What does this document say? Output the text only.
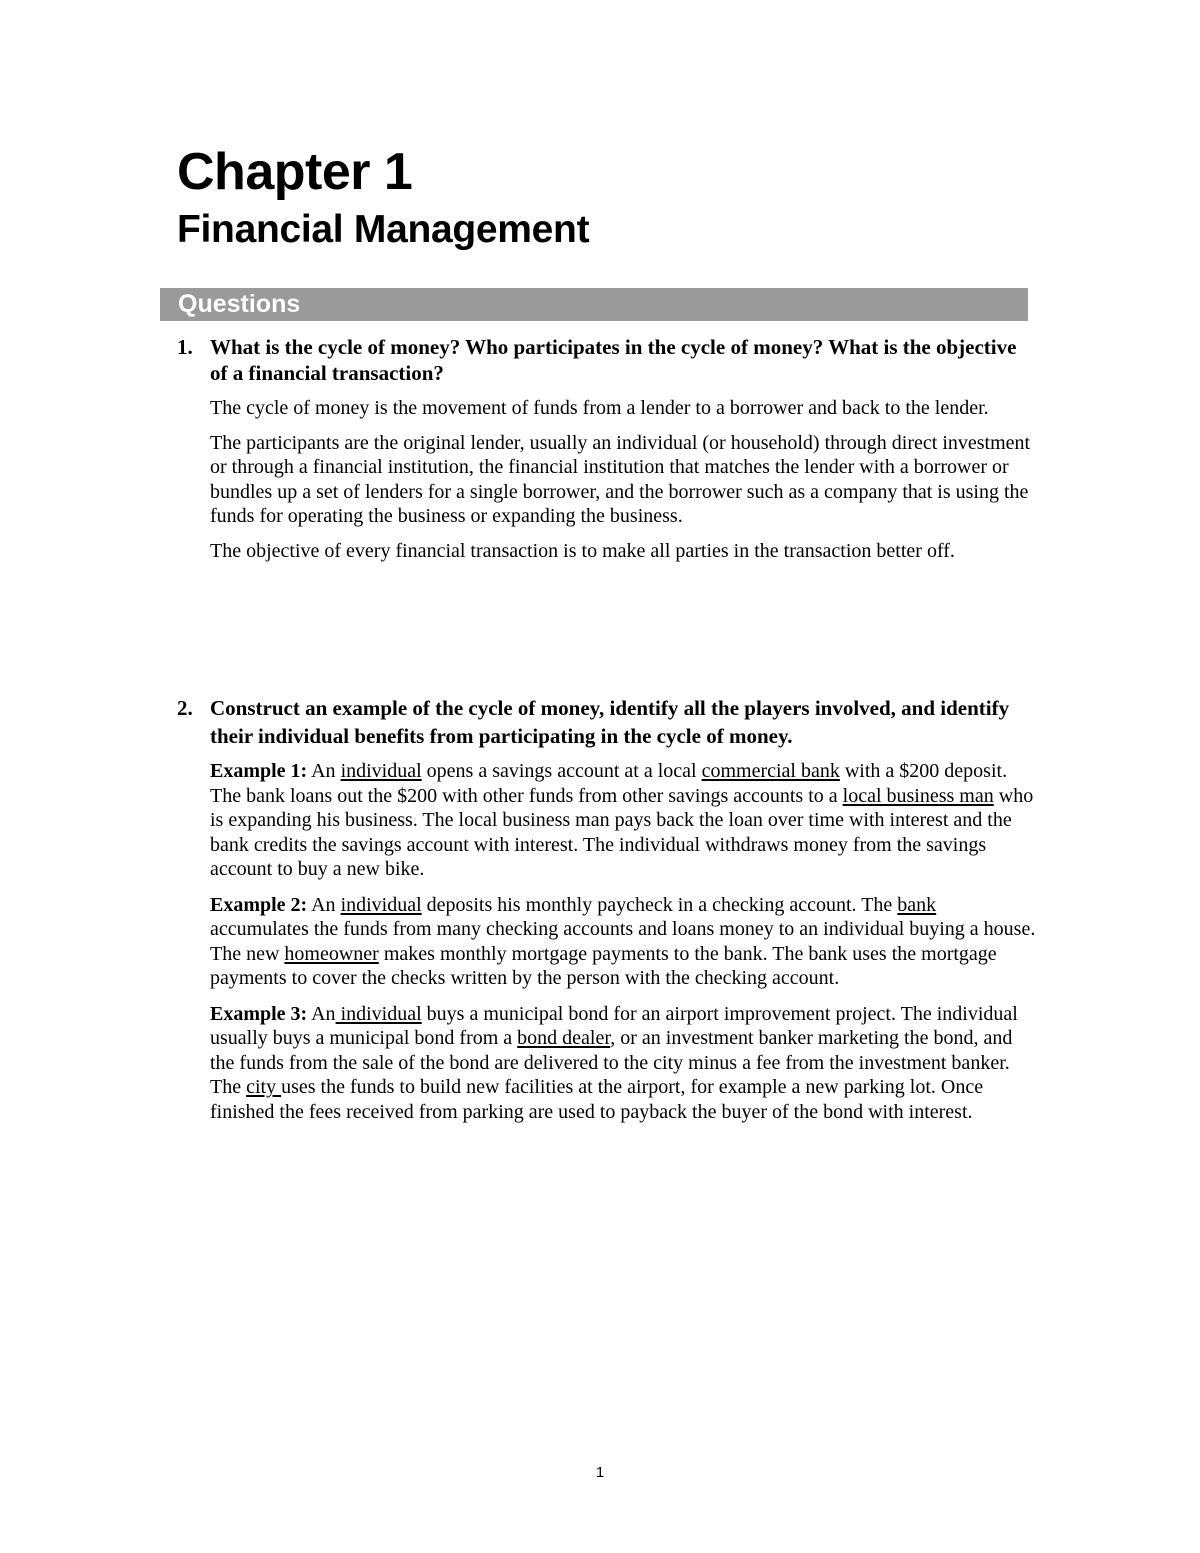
Chapter 1
Financial Management
Questions
1. What is the cycle of money? Who participates in the cycle of money? What is the objective of a financial transaction?

The cycle of money is the movement of funds from a lender to a borrower and back to the lender.

The participants are the original lender, usually an individual (or household) through direct investment or through a financial institution, the financial institution that matches the lender with a borrower or bundles up a set of lenders for a single borrower, and the borrower such as a company that is using the funds for operating the business or expanding the business.

The objective of every financial transaction is to make all parties in the transaction better off.

2. Construct an example of the cycle of money, identify all the players involved, and identify their individual benefits from participating in the cycle of money.

Example 1: An individual opens a savings account at a local commercial bank with a $200 deposit. The bank loans out the $200 with other funds from other savings accounts to a local business man who is expanding his business. The local business man pays back the loan over time with interest and the bank credits the savings account with interest. The individual withdraws money from the savings account to buy a new bike.

Example 2: An individual deposits his monthly paycheck in a checking account. The bank accumulates the funds from many checking accounts and loans money to an individual buying a house. The new homeowner makes monthly mortgage payments to the bank. The bank uses the mortgage payments to cover the checks written by the person with the checking account.

Example 3: An individual buys a municipal bond for an airport improvement project. The individual usually buys a municipal bond from a bond dealer, or an investment banker marketing the bond, and the funds from the sale of the bond are delivered to the city minus a fee from the investment banker. The city uses the funds to build new facilities at the airport, for example a new parking lot. Once finished the fees received from parking are used to payback the buyer of the bond with interest.

1
